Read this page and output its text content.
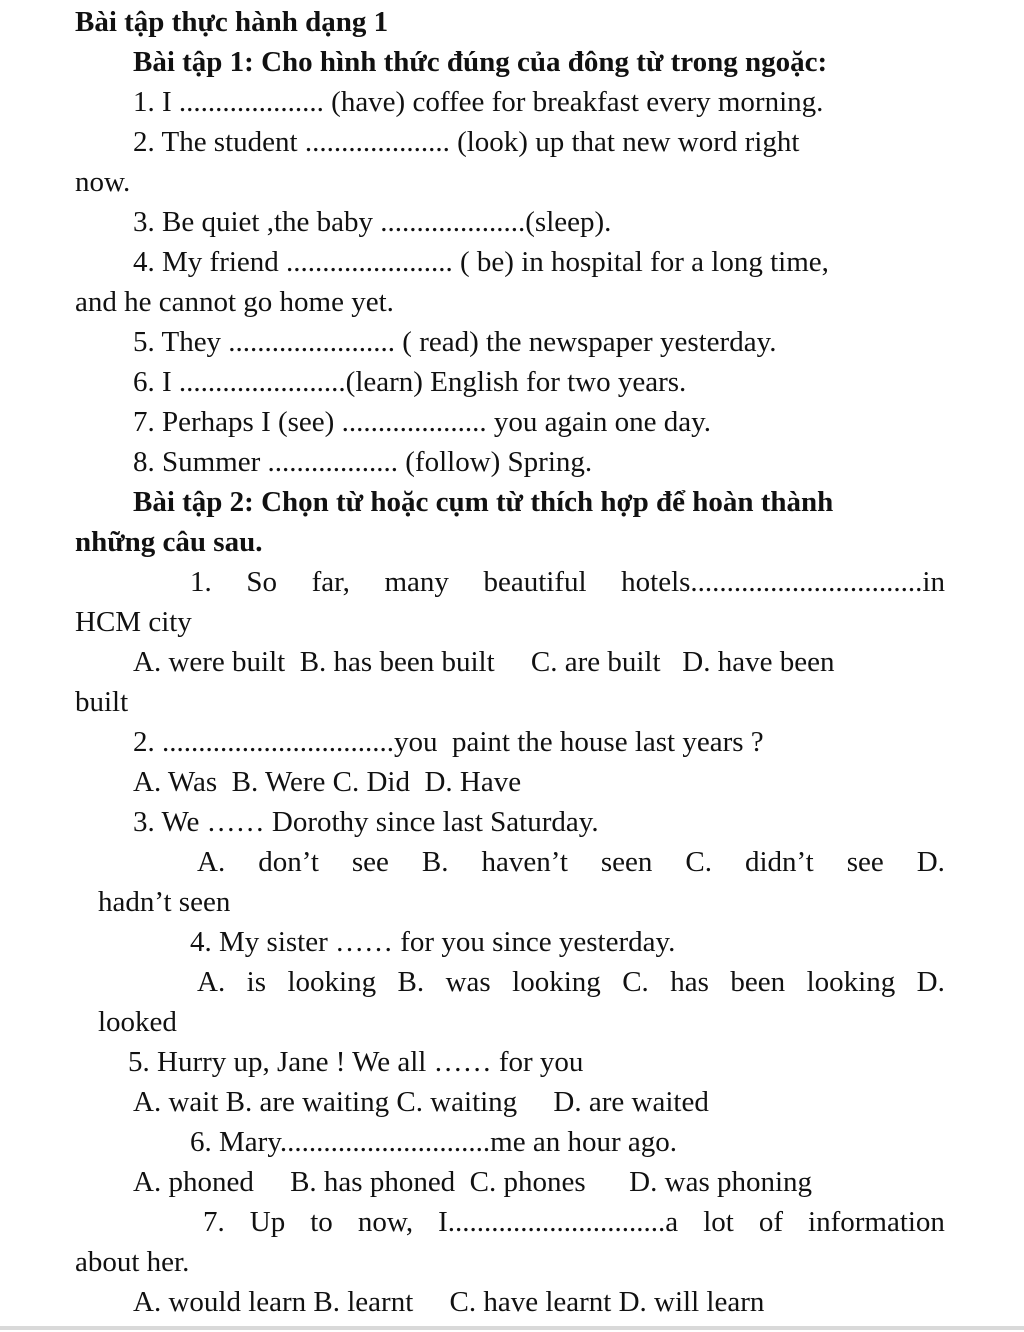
Bài tập thực hành dạng 1
Bài tập 1: Cho hình thức đúng của đông từ trong ngoặc:
1. I .................... (have) coffee for breakfast every morning.
2. The student .................... (look) up that new word right
now.
3. Be quiet ,the baby ....................(sleep).
4. My friend ....................... ( be) in hospital for a long time,
and he cannot go home yet.
5. They ....................... ( read) the newspaper yesterday.
6. I .......................(learn) English for two years.
7. Perhaps I (see) .................... you again one day.
8. Summer .................. (follow) Spring.
Bài tập 2: Chọn từ hoặc cụm từ thích hợp để hoàn thành
những câu sau.
1. So far, many beautiful hotels................................in
HCM city
A. were built  B. has been built     C. are built   D. have been
built
2. ................................you  paint the house last years ?
A. Was  B. Were C. Did  D. Have
3. We …… Dorothy since last Saturday.
A. don’t see B. haven’t seen C. didn’t see D.
hadn’t seen
4. My sister …… for you since yesterday.
A. is looking B. was looking C. has been looking D.
looked
5. Hurry up, Jane ! We all …… for you
A. wait B. are waiting C. waiting     D. are waited
6. Mary.............................me an hour ago.
A. phoned     B. has phoned  C. phones      D. was phoning
7. Up to now, I..............................a lot of information
about her.
A. would learn B. learnt     C. have learnt D. will learn
